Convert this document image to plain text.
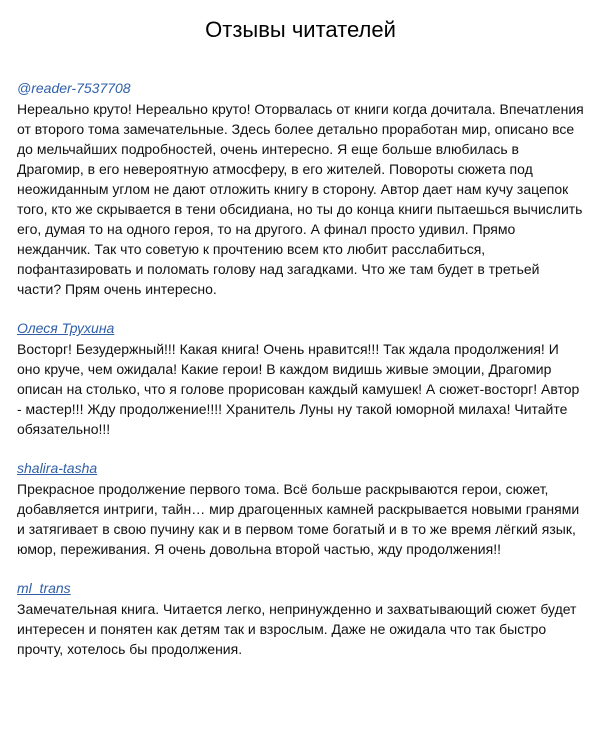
Отзывы читателей
@reader-7537708

Нереально круто! Нереально круто! Оторвалась от книги когда дочитала. Впечатления от второго тома замечательные. Здесь более детально проработан мир, описано все до мельчайших подробностей, очень интересно. Я еще больше влюбилась в Драгомир, в его невероятную атмосферу, в его жителей. Повороты сюжета под неожиданным углом не дают отложить книгу в сторону. Автор дает нам кучу зацепок того, кто же скрывается в тени обсидиана, но ты до конца книги пытаешься вычислить его, думая то на одного героя, то на другого. А финал просто удивил. Прямо нежданчик. Так что советую к прочтению всем кто любит расслабиться, пофантазировать и поломать голову над загадками. Что же там будет в третьей части? Прям очень интересно.

Олеся Трухина

Восторг! Безудержный!!! Какая книга! Очень нравится!!! Так ждала продолжения! И оно круче, чем ожидала! Какие герои! В каждом видишь живые эмоции, Драгомир описан на столько, что я голове прорисован каждый камушек! А сюжет-восторг! Автор - мастер!!! Жду продолжение!!!! Хранитель Луны ну такой юморной милаха! Читайте обязательно!!!

shalira-tasha

Прекрасное продолжение первого тома. Всё больше раскрываются герои, сюжет, добавляется интриги, тайн… мир драгоценных камней раскрывается новыми гранями и затягивает в свою пучину как и в первом томе богатый и в то же время лёгкий язык, юмор, переживания. Я очень довольна второй частью, жду продолжения!!

ml_trans

Замечательная книга. Читается легко, непринужденно и захватывающий сюжет будет интересен и понятен как детям так и взрослым. Даже не ожидала что так быстро прочту, хотелось бы продолжения.
